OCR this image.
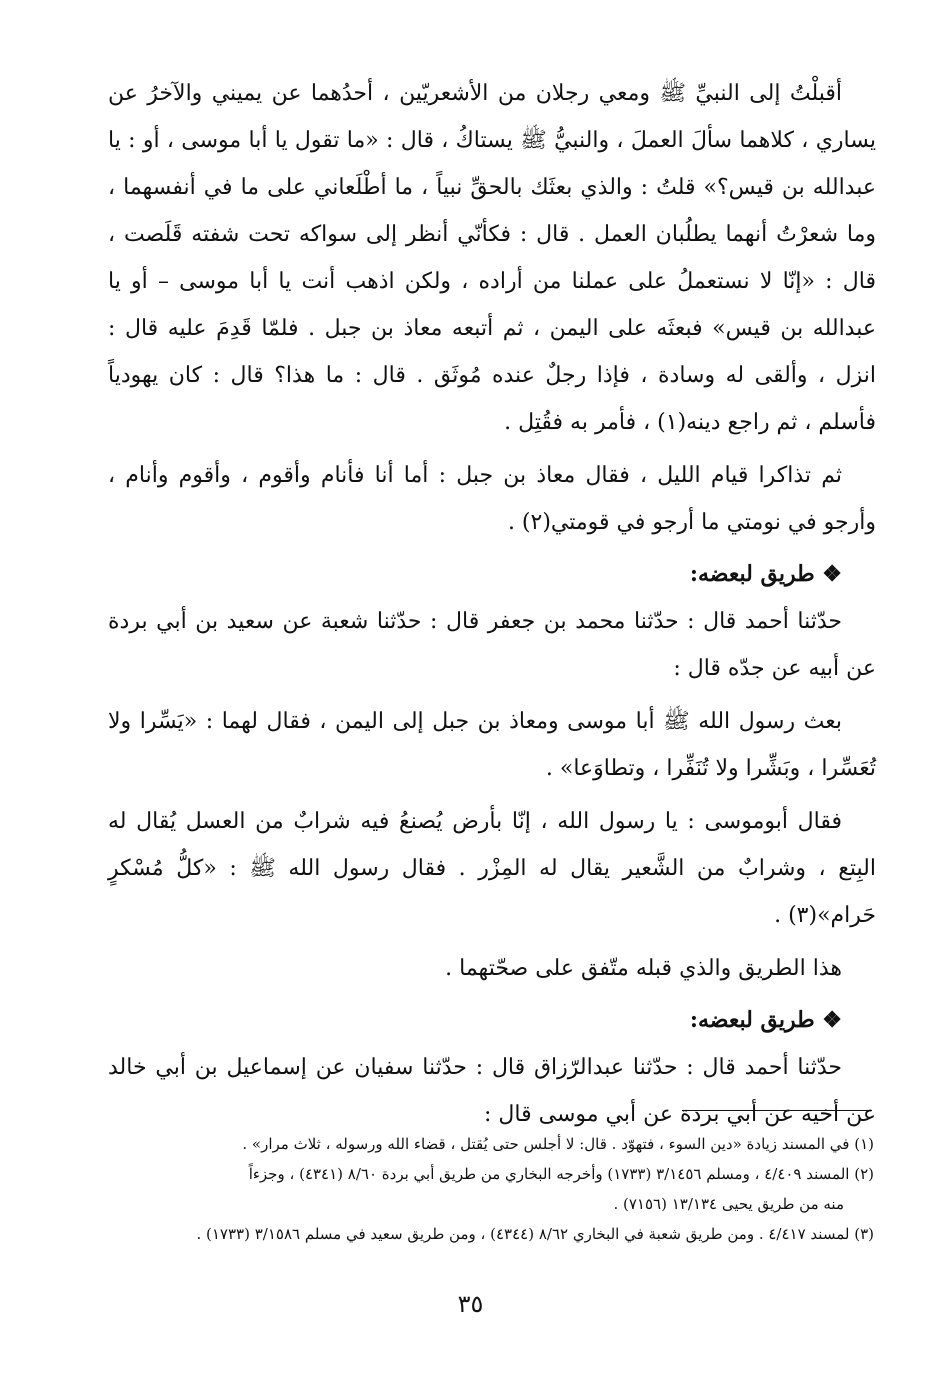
أقبلْتُ إلى النبيِّ ﷺ ومعي رجلان من الأشعريّين ، أحدُهما عن يميني والآخرُ عن يساري ، كلاهما سألَ العملَ ، والنبيُّ ﷺ يستاكُ ، قال : «ما تقول يا أبا موسى ، أو : يا عبدالله بن قيس؟» قلتُ : والذي بعثَك بالحقِّ نبياً ، ما أطْلَعاني على ما في أنفسهما ، وما شعرْتُ أنهما يطلُبان العمل . قال : فكأنّي أنظر إلى سواكه تحت شفته قَلَصت ، قال : «إنّا لا نستعملُ على عملنا من أراده ، ولكن اذهب أنت يا أبا موسى – أو يا عبدالله بن قيس» فبعثَه على اليمن ، ثم أتبعه معاذ بن جبل . فلمّا قَدِمَ عليه قال : انزل ، وألقى له وسادة ، فإذا رجلٌ عنده مُوثَق . قال : ما هذا؟ قال : كان يهودياً فأسلم ، ثم راجع دينه(١) ، فأمر به فقُتِل .

ثم تذاكرا قيام الليل ، فقال معاذ بن جبل : أما أنا فأنام وأقوم ، وأقوم وأنام ، وأرجو في نومتي ما أرجو في قومتي(٢) .

❖ طريق لبعضه:

حدّثنا أحمد قال : حدّثنا محمد بن جعفر قال : حدّثنا شعبة عن سعيد بن أبي بردة عن أبيه عن جدّه قال :

بعث رسول الله ﷺ أبا موسى ومعاذ بن جبل إلى اليمن ، فقال لهما : «يَسِّرا ولا تُعَسِّرا ، وبَشِّرا ولا تُنَفِّرا ، وتطاوَعا» .

فقال أبوموسى : يا رسول الله ، إنّا بأرض يُصنعُ فيه شرابٌ من العسل يُقال له البِتع ، وشرابٌ من الشَّعير يقال له المِزْر . فقال رسول الله ﷺ : «كلُّ مُسْكرٍ حَرام»(٣) .

هذا الطريق والذي قبله متّفق على صحّتهما .

❖ طريق لبعضه:

حدّثنا أحمد قال : حدّثنا عبدالرّزاق قال : حدّثنا سفيان عن إسماعيل بن أبي خالد عن أخيه عن أبي بردة عن أبي موسى قال :

(١) في المسند زيادة «دين السوء ، فتهوّد . قال: لا أجلس حتى يُقتل ، قضاء الله ورسوله ، ثلاث مرار» .
(٢) المسند ٤/٤٠٩ ، ومسلم ٣/١٤٥٦ (١٧٣٣) وأخرجه البخاري من طريق أبي بردة ٨/٦٠ (٤٣٤١) ، وجزءاً
منه من طريق يحيى ١٣/١٣٤ (٧١٥٦) .
(٣) لمسند ٤/٤١٧ . ومن طريق شعبة في البخاري ٨/٦٢ (٤٣٤٤) ، ومن طريق سعيد في مسلم ٣/١٥٨٦ (١٧٣٣) .
٣٥
